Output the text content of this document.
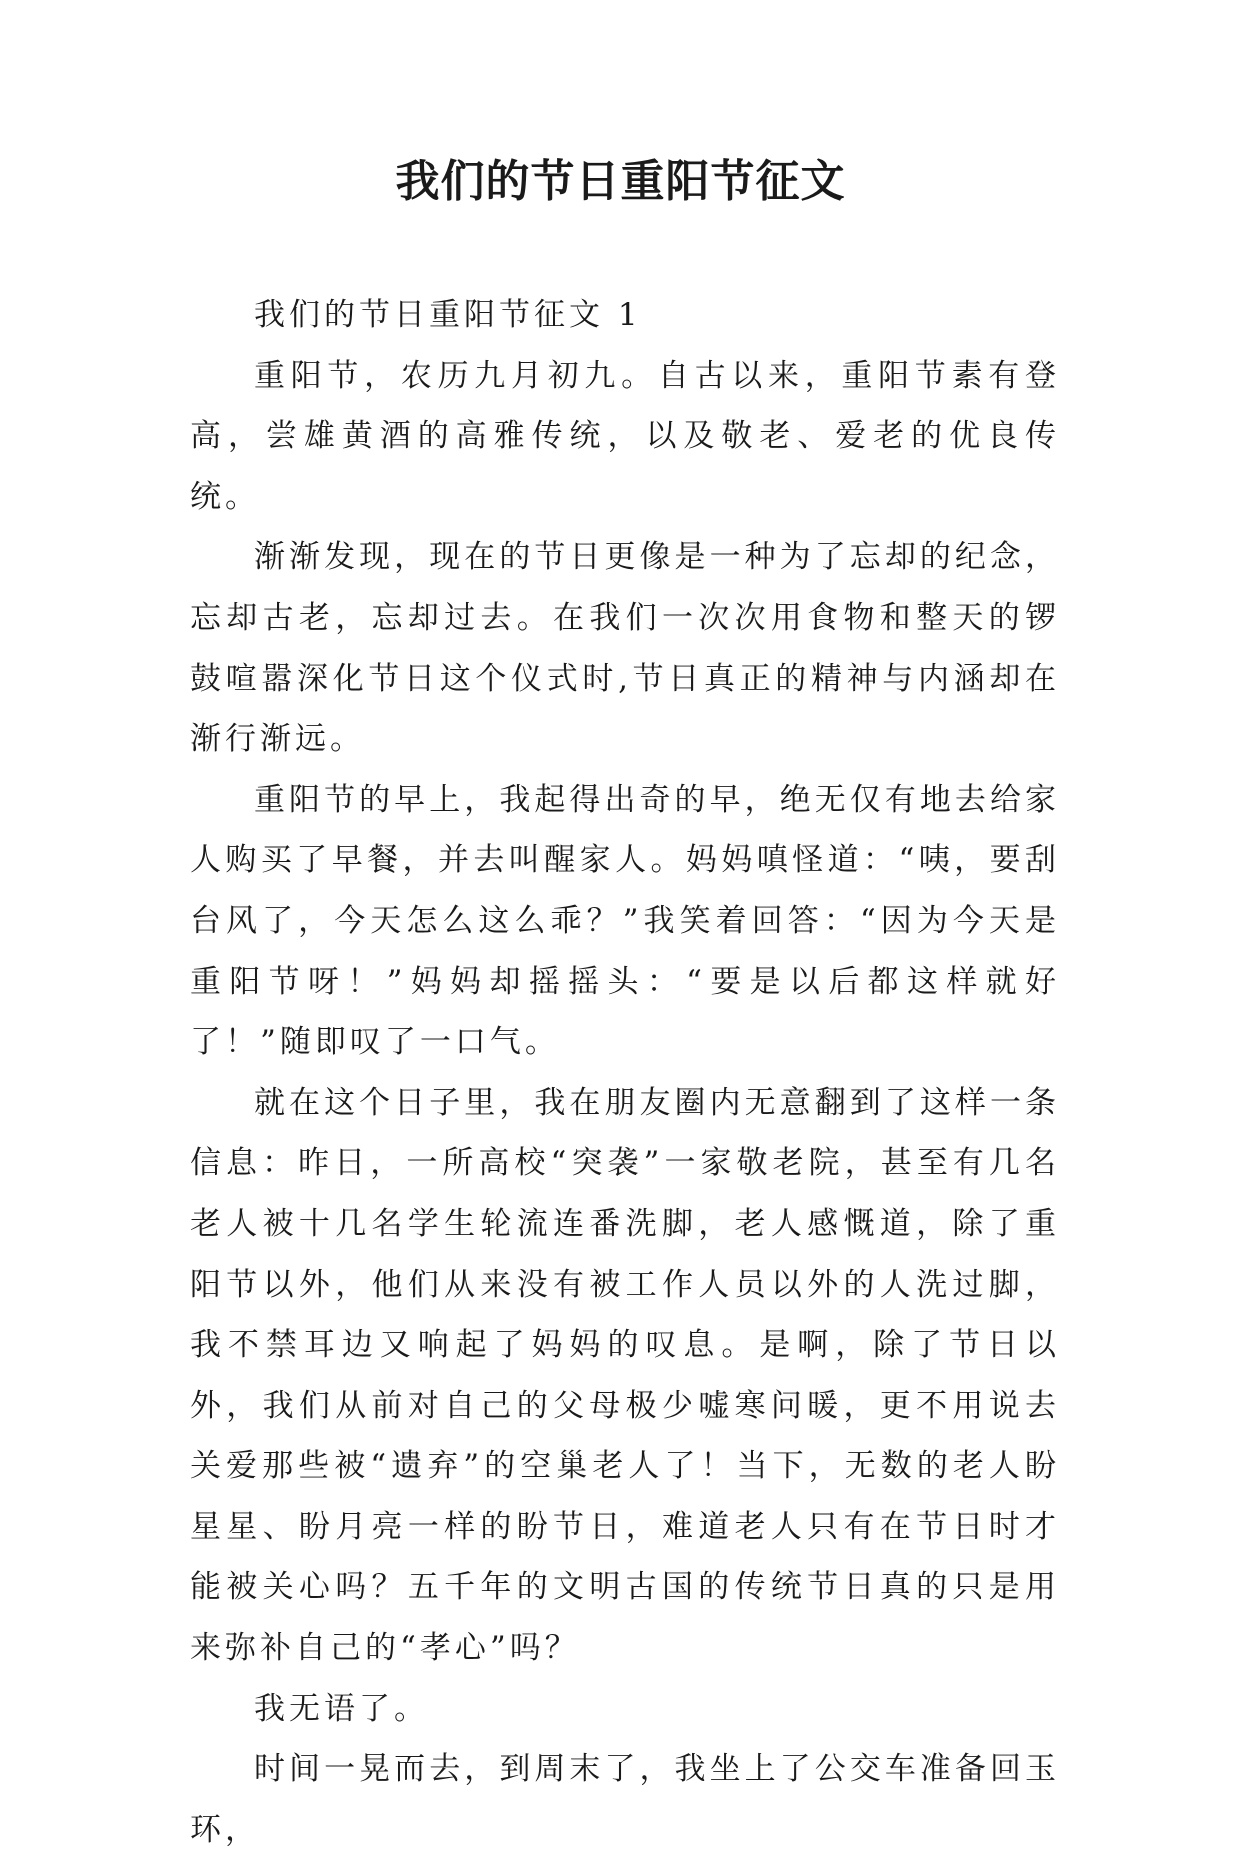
我们的节日重阳节征文

我们的节日重阳节征文 1

重阳节，农历九月初九。自古以来，重阳节素有登高，尝雄黄酒的高雅传统，以及敬老、爱老的优良传统。

渐渐发现，现在的节日更像是一种为了忘却的纪念，忘却古老，忘却过去。在我们一次次用食物和整天的锣鼓喧嚣深化节日这个仪式时,节日真正的精神与内涵却在渐行渐远。

重阳节的早上，我起得出奇的早，绝无仅有地去给家人购买了早餐，并去叫醒家人。妈妈嗔怪道：“咦，要刮台风了，今天怎么这么乖？”我笑着回答：“因为今天是重阳节呀！”妈妈却摇摇头：“要是以后都这样就好了！”随即叹了一口气。

就在这个日子里，我在朋友圈内无意翻到了这样一条信息：昨日，一所高校“突袭”一家敬老院，甚至有几名老人被十几名学生轮流连番洗脚，老人感慨道，除了重阳节以外，他们从来没有被工作人员以外的人洗过脚，我不禁耳边又响起了妈妈的叹息。是啊，除了节日以外，我们从前对自己的父母极少嘘寒问暖，更不用说去关爱那些被“遗弃”的空巢老人了！当下，无数的老人盼星星、盼月亮一样的盼节日，难道老人只有在节日时才能被关心吗？五千年的文明古国的传统节日真的只是用来弥补自己的“孝心”吗？

我无语了。

时间一晃而去，到周末了，我坐上了公交车准备回玉环，
